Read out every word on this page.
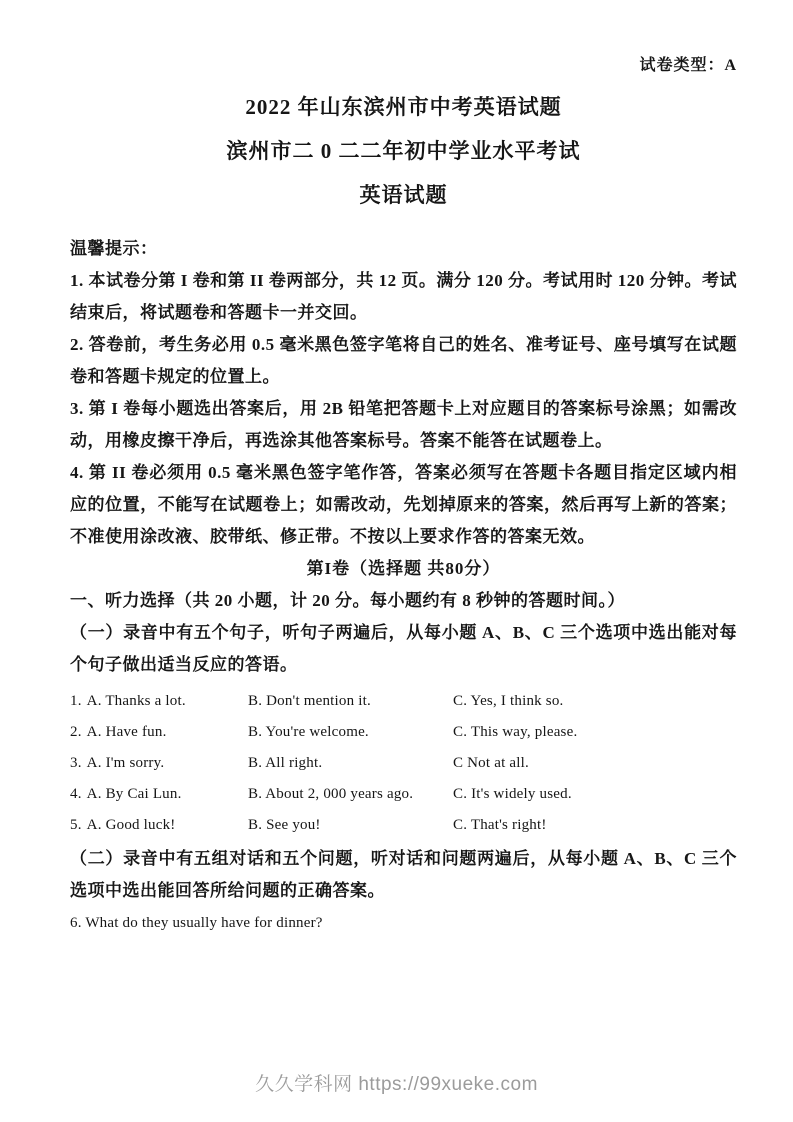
试卷类型：A
2022 年山东滨州市中考英语试题
滨州市二 0 二二年初中学业水平考试
英语试题
温馨提示：
1. 本试卷分第 I 卷和第 II 卷两部分，共 12 页。满分 120 分。考试用时 120 分钟。考试结束后，将试题卷和答题卡一并交回。
2. 答卷前，考生务必用 0.5 毫米黑色签字笔将自己的姓名、准考证号、座号填写在试题卷和答题卡规定的位置上。
3. 第 I 卷每小题选出答案后，用 2B 铅笔把答题卡上对应题目的答案标号涂黑；如需改动，用橡皮擦干净后，再选涂其他答案标号。答案不能答在试题卷上。
4. 第 II 卷必须用 0.5 毫米黑色签字笔作答，答案必须写在答题卡各题目指定区域内相应的位置，不能写在试题卷上；如需改动，先划掉原来的答案，然后再写上新的答案；不准使用涂改液、胶带纸、修正带。不按以上要求作答的答案无效。
第I卷（选择题 共80分）
一、听力选择（共 20 小题，计 20 分。每小题约有 8 秒钟的答题时间。）
（一）录音中有五个句子，听句子两遍后，从每小题 A、B、C 三个选项中选出能对每个句子做出适当反应的答语。
1. A. Thanks a lot.	B. Don't mention it.	C. Yes, I think so.
2. A. Have fun.	B. You're welcome.	C. This way, please.
3. A. I'm sorry.	B. All right.	C Not at all.
4. A. By Cai Lun.	B. About 2, 000 years ago.	C. It's widely used.
5. A. Good luck!	B. See you!	C. That's right!
（二）录音中有五组对话和五个问题，听对话和问题两遍后，从每小题 A、B、C 三个选项中选出能回答所给问题的正确答案。
6. What do they usually have for dinner?
久久学科网 https://99xueke.com
